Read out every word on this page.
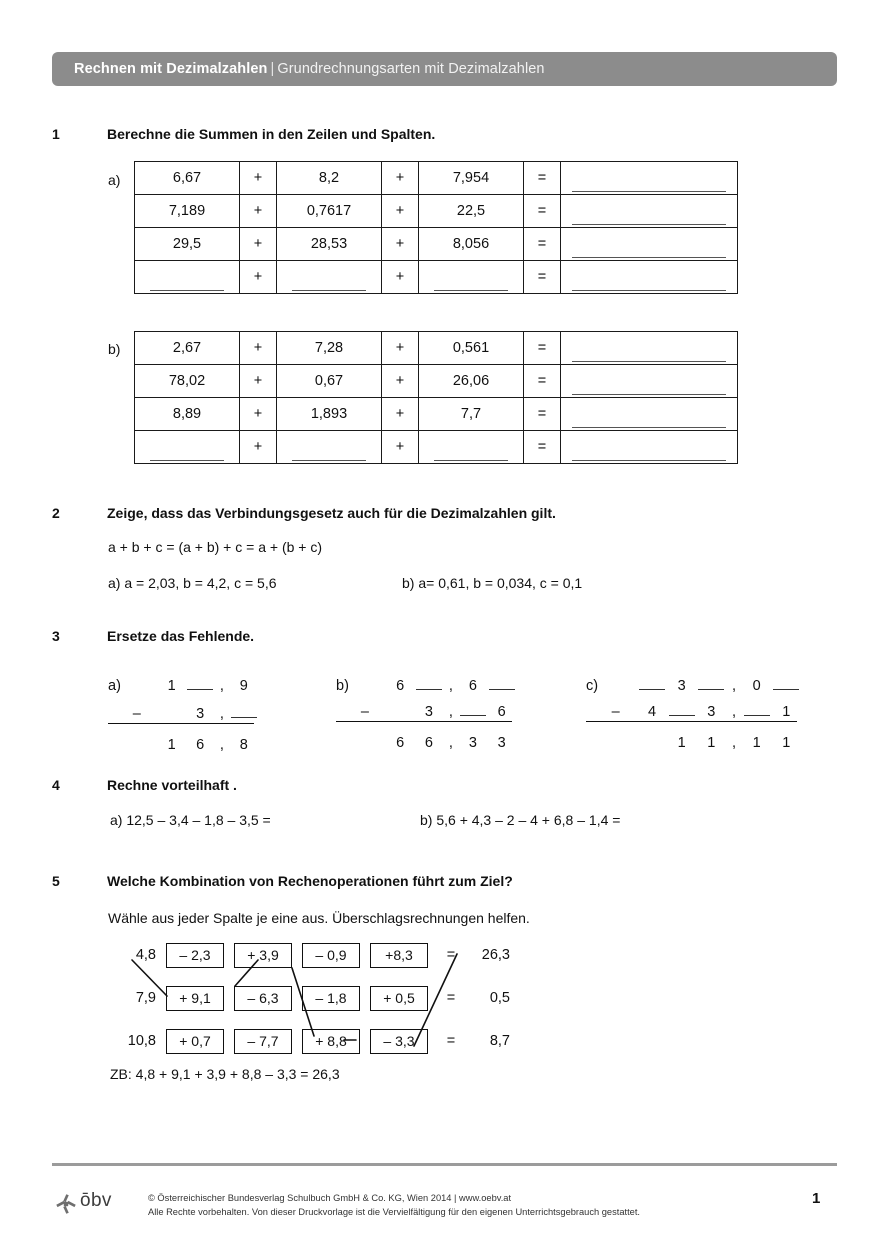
Rechnen mit Dezimalzahlen | Grundrechnungsarten mit Dezimalzahlen
1	Berechne die Summen in den Zeilen und Spalten.
a)	6,67	+	8,2	+	7,954	=	

7,189	+	0,7617	+	22,5	=	

29,5	+	28,53	+	8,056	=	

	+		+		=	
b)	2,67	+	7,28	+	0,561	=	

78,02	+	0,67	+	26,06	=	

8,89	+	1,893	+	7,7	=	

	+		+		=	
2	Zeige, dass das Verbindungsgesetz auch für die Dezimalzahlen gilt.
a + b + c = (a + b) + c = a + (b + c)
a) a = 2,03, b = 4,2, c = 5,6	b) a= 0,61, b = 0,034, c = 0,1
3	Ersetze das Fehlende.
a)	1	,	9
–	3	,
1	6	,	8
b)	6	,	6
–	3	,	6
6	6	,	3	3
c)	3	,	0
–	4	3	,	1
1	1	,	1	1
4	Rechne vorteilhaft .
a) 12,5 – 3,4 – 1,8 – 3,5 =	b) 5,6 + 4,3 – 2 – 4 + 6,8 – 1,4 =
5	Welche Kombination von Rechenoperationen führt zum Ziel?
Wähle aus jeder Spalte je eine aus. Überschlagsrechnungen helfen.
4,8	– 2,3	+ 3,9	– 0,9	+8,3	=	26,3
7,9	+ 9,1	– 6,3	– 1,8	+ 0,5	=	0,5
10,8	+ 0,7	– 7,7	+ 8,8	– 3,3	=	8,7
ZB: 4,8 + 9,1 + 3,9 + 8,8 – 3,3 = 26,3
ōbv	© Österreichischer Bundesverlag Schulbuch GmbH & Co. KG, Wien 2014 | www.oebv.at
Alle Rechte vorbehalten. Von dieser Druckvorlage ist die Vervielfältigung für den eigenen Unterrichtsgebrauch gestattet.
1
